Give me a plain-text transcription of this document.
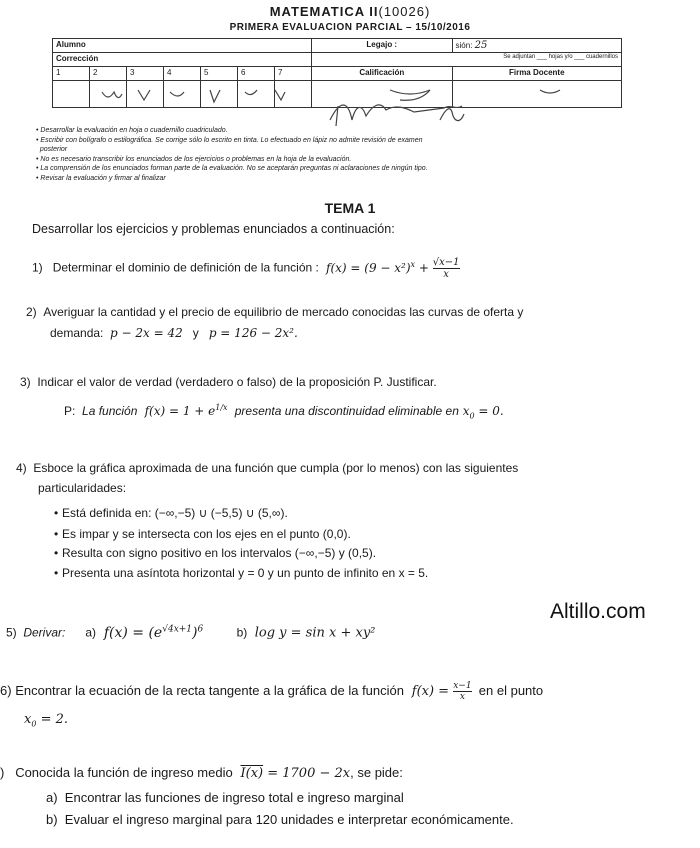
MATEMATICA II(10026)
PRIMERA EVALUACION PARCIAL – 15/10/2016
Alumno							Legajo :	sión: 25
Corrección							Se adjuntan ___ hojas y/o ___ cuadernillos	
1	2	3	4	5	6	7	Calificación	Firma Docente

• Desarrollar la evaluación en hoja o cuadernillo cuadriculado.
• Escribir con bolígrafo o estilográfica. Se corrige sólo lo escrito en tinta. Lo efectuado en lápiz no admite revisión de examen
posterior
• No es necesario transcribir los enunciados de los ejercicios o problemas en la hoja de la evaluación.
• La comprensión de los enunciados forman parte de la evaluación. No se aceptarán preguntas ni aclaraciones de ningún tipo.
• Revisar la evaluación y firmar al finalizar
TEMA 1
Desarrollar los ejercicios y problemas enunciados a continuación:
1) Determinar el dominio de definición de la función :  $f(x) = (9 - x^2)^x + \frac{√x-1}{x}$
2) Averiguar la cantidad y el precio de equilibrio de mercado conocidas las curvas de oferta y
demanda: p − 2x = 42 y p = 126 − 2x².
3) Indicar el valor de verdad (verdadero o falso) de la proposición P. Justificar.
P: La función  $f(x) = 1 + e^{1/x}$ presenta una discontinuidad eliminable en $x_0 = 0$.
4) Esboce la gráfica aproximada de una función que cumpla (por lo menos) con las siguientes
particularidades:
• Está definida en: (−∞,−5) ∪ (−5,5) ∪ (5,∞).
• Es impar y se intersecta con los ejes en el punto (0,0).
• Resulta con signo positivo en los intervalos (−∞,−5) y (0,5).
• Presenta una asíntota horizontal y = 0 y un punto de infinito en x = 5.
Altillo.com
5) Derivar: a)  $f(x) = (e^{√4x+1})^6$	b)  log y = sin x + xy²
6) Encontrar la ecuación de la recta tangente a la gráfica de la función  $f(x) = \frac{x-1}{x}$ en el punto
$x_0 = 2$.
) Conocida la función de ingreso medio I(x) = 1700 − 2x, se pide:
a) Encontrar las funciones de ingreso total e ingreso marginal
b) Evaluar el ingreso marginal para 120 unidades e interpretar económicamente.
